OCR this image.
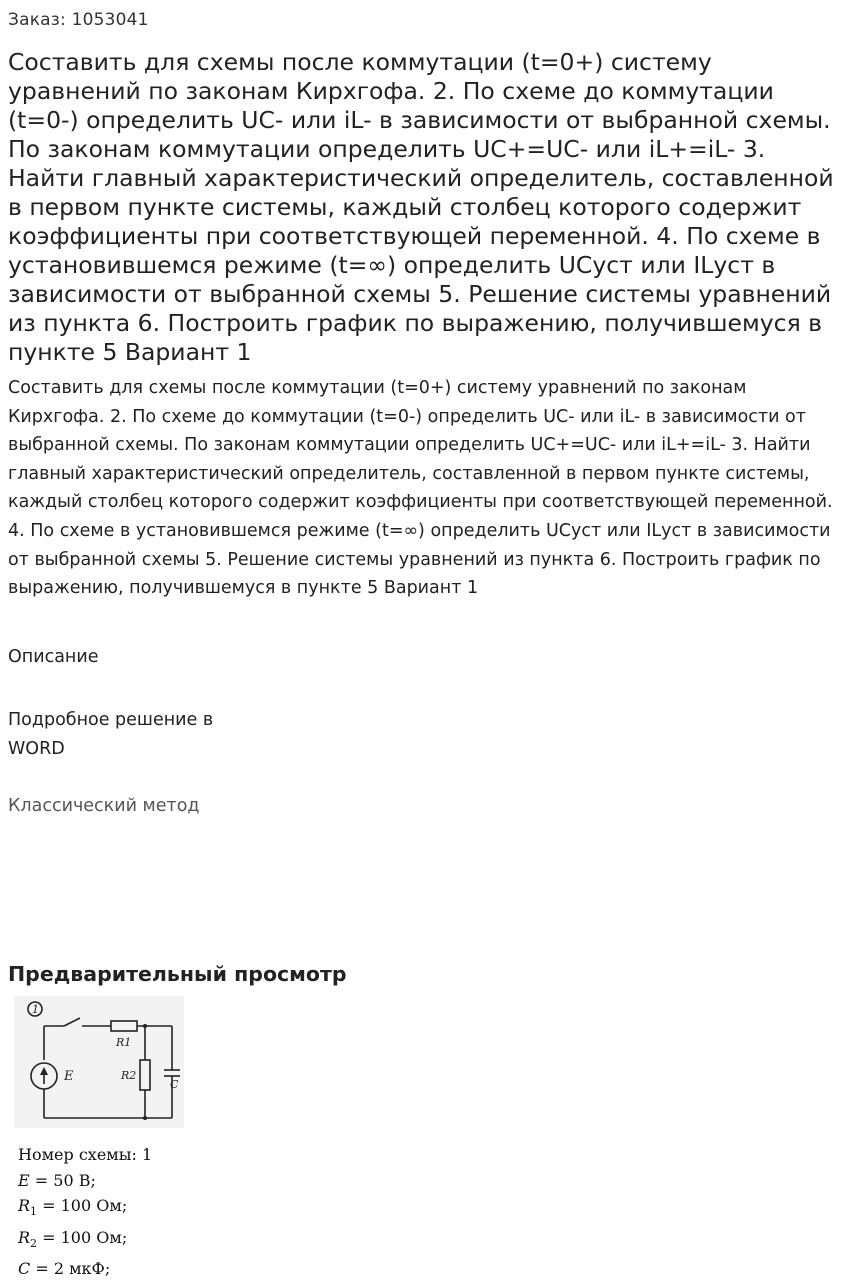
Заказ: 1053041
Составить для схемы после коммутации (t=0+) систему уравнений по законам Кирхгофа. 2. По схеме до коммутации (t=0-) определить UC- или iL- в зависимости от выбранной схемы. По законам коммутации определить UC+=UC- или iL+=iL- 3. Найти главный характеристический определитель, составленной в первом пункте системы, каждый столбец которого содержит коэффициенты при соответствующей переменной. 4. По схеме в установившемся режиме (t=∞) определить UCуст или ILуст в зависимости от выбранной схемы 5. Решение системы уравнений из пункта 6. Построить график по выражению, получившемуся в пункте 5 Вариант 1

Составить для схемы после коммутации (t=0+) систему уравнений по законам Кирхгофа. 2. По схеме до коммутации (t=0-) определить UC- или iL- в зависимости от выбранной схемы. По законам коммутации определить UC+=UC- или iL+=iL- 3. Найти главный характеристический определитель, составленной в первом пункте системы, каждый столбец которого содержит коэффициенты при соответствующей переменной. 4. По схеме в установившемся режиме (t=∞) определить UCуст или ILуст в зависимости от выбранной схемы 5. Решение системы уравнений из пункта 6. Построить график по выражению, получившемуся в пункте 5 Вариант 1

Описание
Подробное решение в
WORD
Классический метод
Предварительный просмотр
1
E
R1
R2
C
Номер схемы: 1
E = 50 В;
$R_1 = 100$ Ом;
$R_2 = 100$ Ом;
C = 2 мкФ;
